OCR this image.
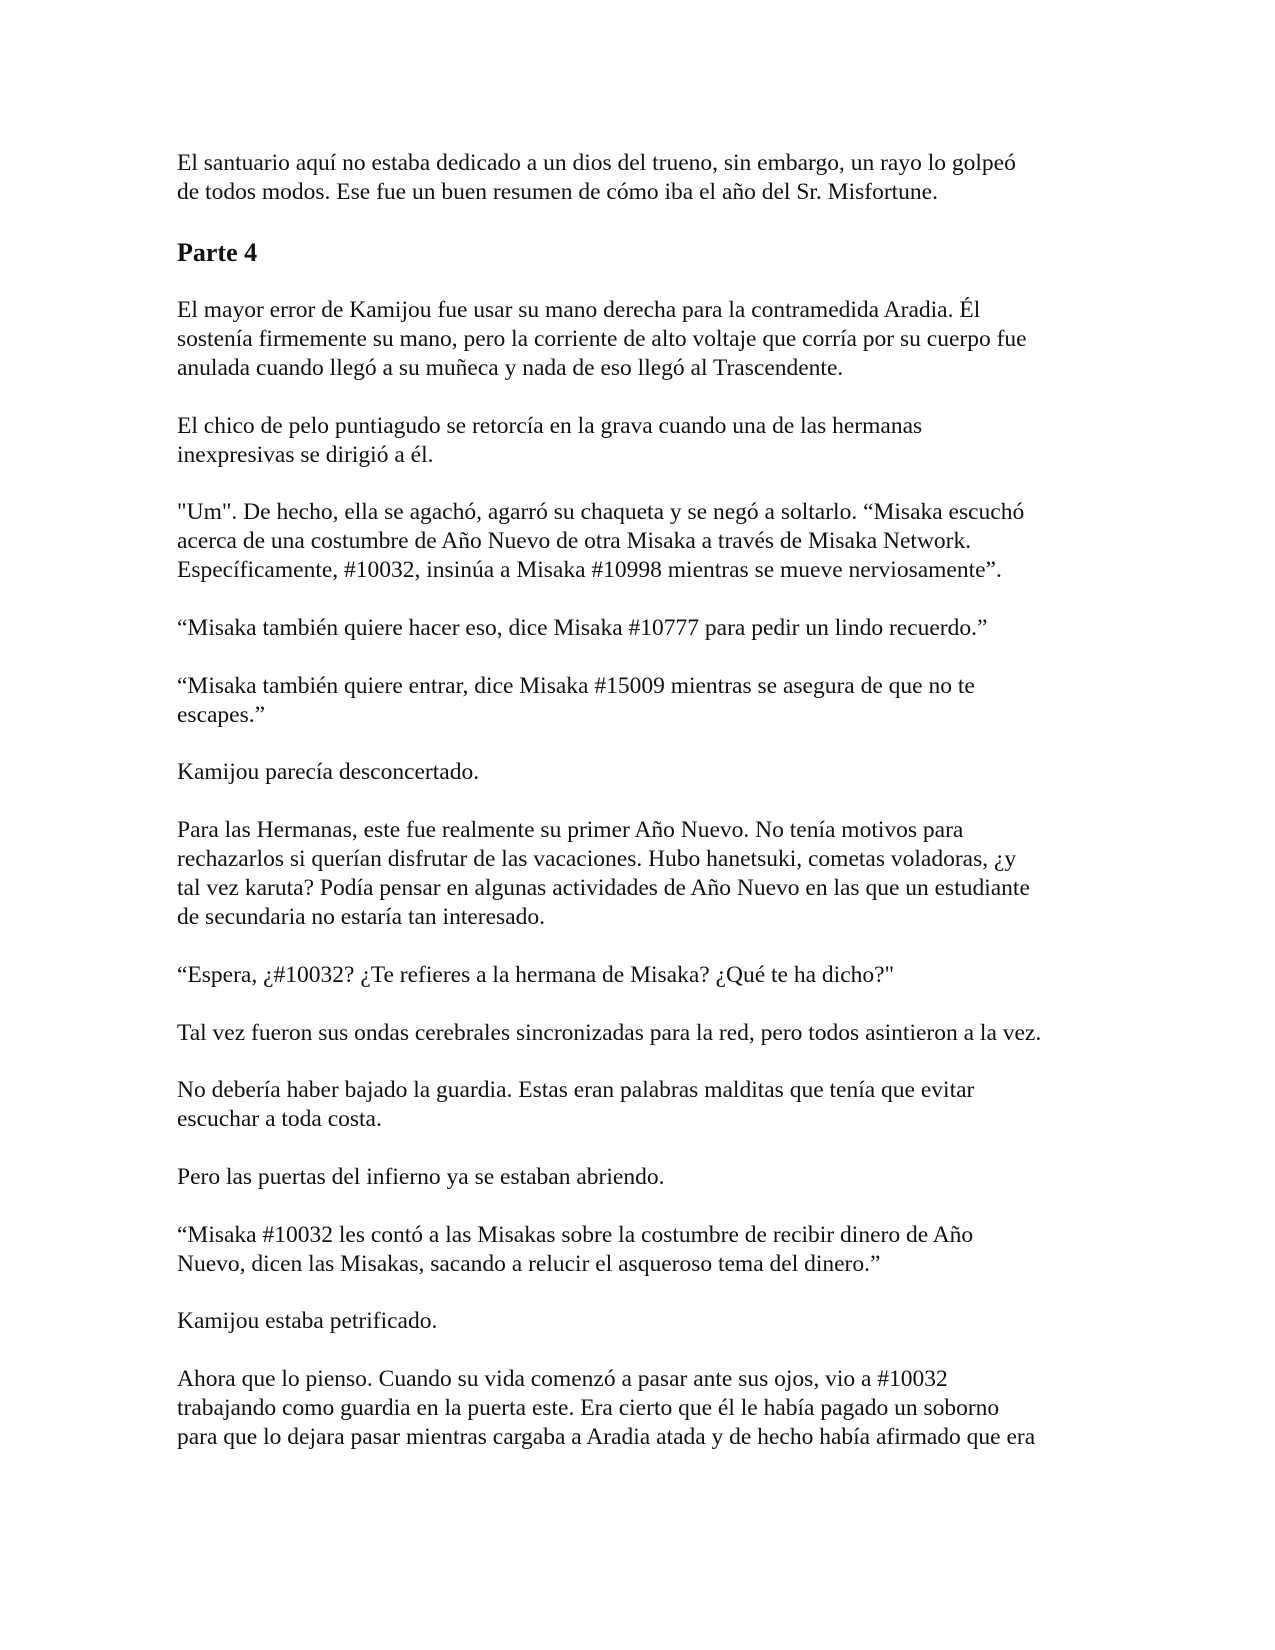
El santuario aquí no estaba dedicado a un dios del trueno, sin embargo, un rayo lo golpeó
de todos modos. Ese fue un buen resumen de cómo iba el año del Sr. Misfortune.
Parte 4
El mayor error de Kamijou fue usar su mano derecha para la contramedida Aradia. Él
sostenía firmemente su mano, pero la corriente de alto voltaje que corría por su cuerpo fue
anulada cuando llegó a su muñeca y nada de eso llegó al Trascendente.
El chico de pelo puntiagudo se retorcía en la grava cuando una de las hermanas
inexpresivas se dirigió a él.
"Um". De hecho, ella se agachó, agarró su chaqueta y se negó a soltarlo. “Misaka escuchó
acerca de una costumbre de Año Nuevo de otra Misaka a través de Misaka Network.
Específicamente, #10032, insinúa a Misaka #10998 mientras se mueve nerviosamente”.
“Misaka también quiere hacer eso, dice Misaka #10777 para pedir un lindo recuerdo.”
“Misaka también quiere entrar, dice Misaka #15009 mientras se asegura de que no te
escapes.”
Kamijou parecía desconcertado.
Para las Hermanas, este fue realmente su primer Año Nuevo. No tenía motivos para
rechazarlos si querían disfrutar de las vacaciones. Hubo hanetsuki, cometas voladoras, ¿y
tal vez karuta? Podía pensar en algunas actividades de Año Nuevo en las que un estudiante
de secundaria no estaría tan interesado.
“Espera, ¿#10032? ¿Te refieres a la hermana de Misaka? ¿Qué te ha dicho?"
Tal vez fueron sus ondas cerebrales sincronizadas para la red, pero todos asintieron a la vez.
No debería haber bajado la guardia. Estas eran palabras malditas que tenía que evitar
escuchar a toda costa.
Pero las puertas del infierno ya se estaban abriendo.
“Misaka #10032 les contó a las Misakas sobre la costumbre de recibir dinero de Año
Nuevo, dicen las Misakas, sacando a relucir el asqueroso tema del dinero.”
Kamijou estaba petrificado.
Ahora que lo pienso. Cuando su vida comenzó a pasar ante sus ojos, vio a #10032
trabajando como guardia en la puerta este. Era cierto que él le había pagado un soborno
para que lo dejara pasar mientras cargaba a Aradia atada y de hecho había afirmado que era
